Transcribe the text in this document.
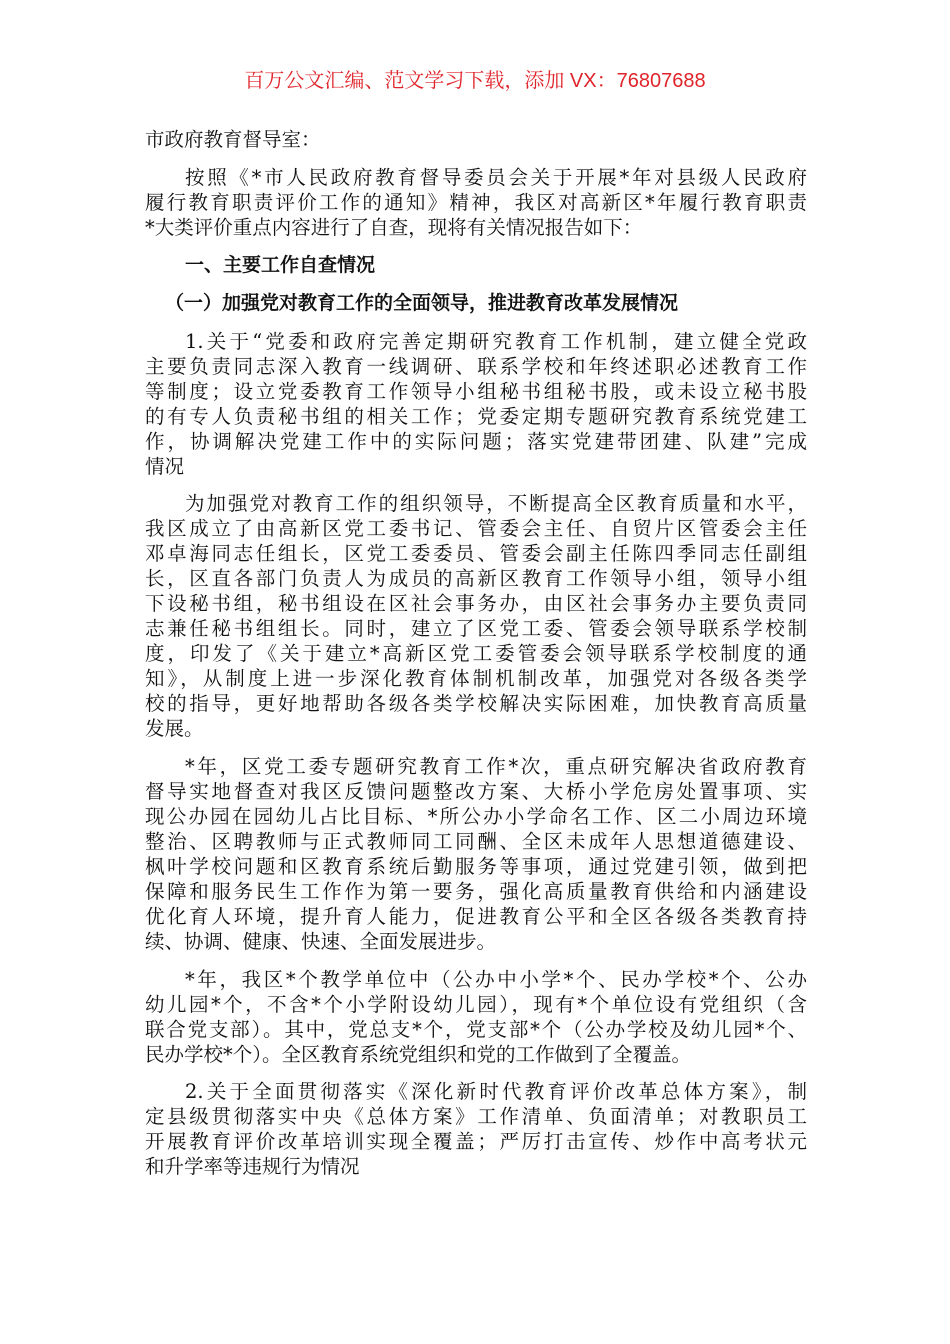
百万公文汇编、范文学习下载，添加 VX：76807688
市政府教育督导室：
按照《*市人民政府教育督导委员会关于开展*年对县级人民政府
履行教育职责评价工作的通知》精神，我区对高新区*年履行教育职责
*大类评价重点内容进行了自查，现将有关情况报告如下：
一、主要工作自查情况
（一）加强党对教育工作的全面领导，推进教育改革发展情况
1.关于“党委和政府完善定期研究教育工作机制，建立健全党政
主要负责同志深入教育一线调研、联系学校和年终述职必述教育工作
等制度；设立党委教育工作领导小组秘书组秘书股，或未设立秘书股
的有专人负责秘书组的相关工作；党委定期专题研究教育系统党建工
作，协调解决党建工作中的实际问题；落实党建带团建、队建”完成
情况
为加强党对教育工作的组织领导，不断提高全区教育质量和水平，
我区成立了由高新区党工委书记、管委会主任、自贸片区管委会主任
邓卓海同志任组长，区党工委委员、管委会副主任陈四季同志任副组
长，区直各部门负责人为成员的高新区教育工作领导小组，领导小组
下设秘书组，秘书组设在区社会事务办，由区社会事务办主要负责同
志兼任秘书组组长。同时，建立了区党工委、管委会领导联系学校制
度，印发了《关于建立*高新区党工委管委会领导联系学校制度的通
知》，从制度上进一步深化教育体制机制改革，加强党对各级各类学
校的指导，更好地帮助各级各类学校解决实际困难，加快教育高质量
发展。
*年，区党工委专题研究教育工作*次，重点研究解决省政府教育
督导实地督查对我区反馈问题整改方案、大桥小学危房处置事项、实
现公办园在园幼儿占比目标、*所公办小学命名工作、区二小周边环境
整治、区聘教师与正式教师同工同酬、全区未成年人思想道德建设、
枫叶学校问题和区教育系统后勤服务等事项，通过党建引领，做到把
保障和服务民生工作作为第一要务，强化高质量教育供给和内涵建设
优化育人环境，提升育人能力，促进教育公平和全区各级各类教育持
续、协调、健康、快速、全面发展进步。
*年，我区*个教学单位中（公办中小学*个、民办学校*个、公办
幼儿园*个，不含*个小学附设幼儿园），现有*个单位设有党组织（含
联合党支部）。其中，党总支*个，党支部*个（公办学校及幼儿园*个、
民办学校*个）。全区教育系统党组织和党的工作做到了全覆盖。
2.关于全面贯彻落实《深化新时代教育评价改革总体方案》，制
定县级贯彻落实中央《总体方案》工作清单、负面清单；对教职员工
开展教育评价改革培训实现全覆盖；严厉打击宣传、炒作中高考状元
和升学率等违规行为情况
